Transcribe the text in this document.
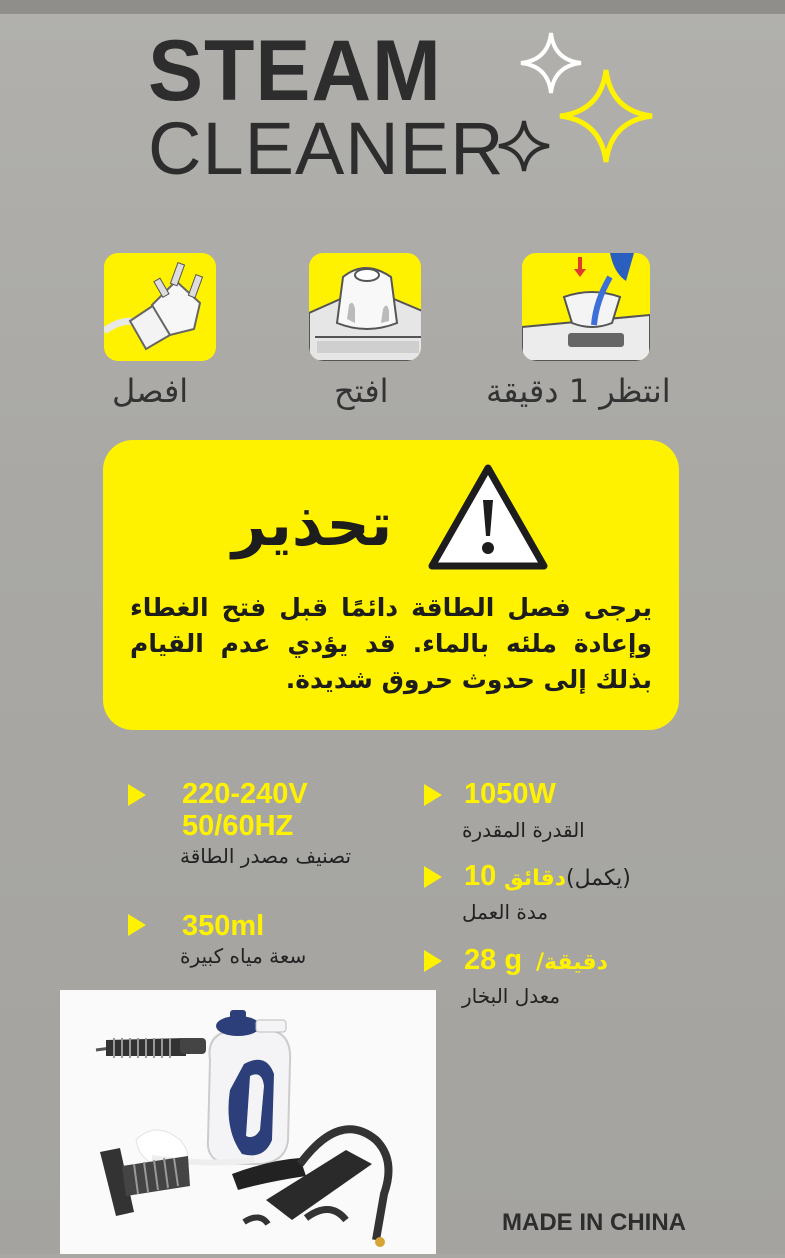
STEAM
CLEANER
افصل	افتح	انتظر 1 دقيقة
تحذير
يرجى فصل الطاقة دائمًا قبل فتح الغطاء وإعادة ملئه بالماء. قد يؤدي عدم القيام بذلك إلى حدوث حروق شديدة.
220-240V
50/60HZ
تصنيف مصدر الطاقة
350ml
سعة مياه كبيرة
1050W
القدرة المقدرة
10 دقائق (يكمل)
مدة العمل
28 g دقيقة/
معدل البخار
MADE IN CHINA
